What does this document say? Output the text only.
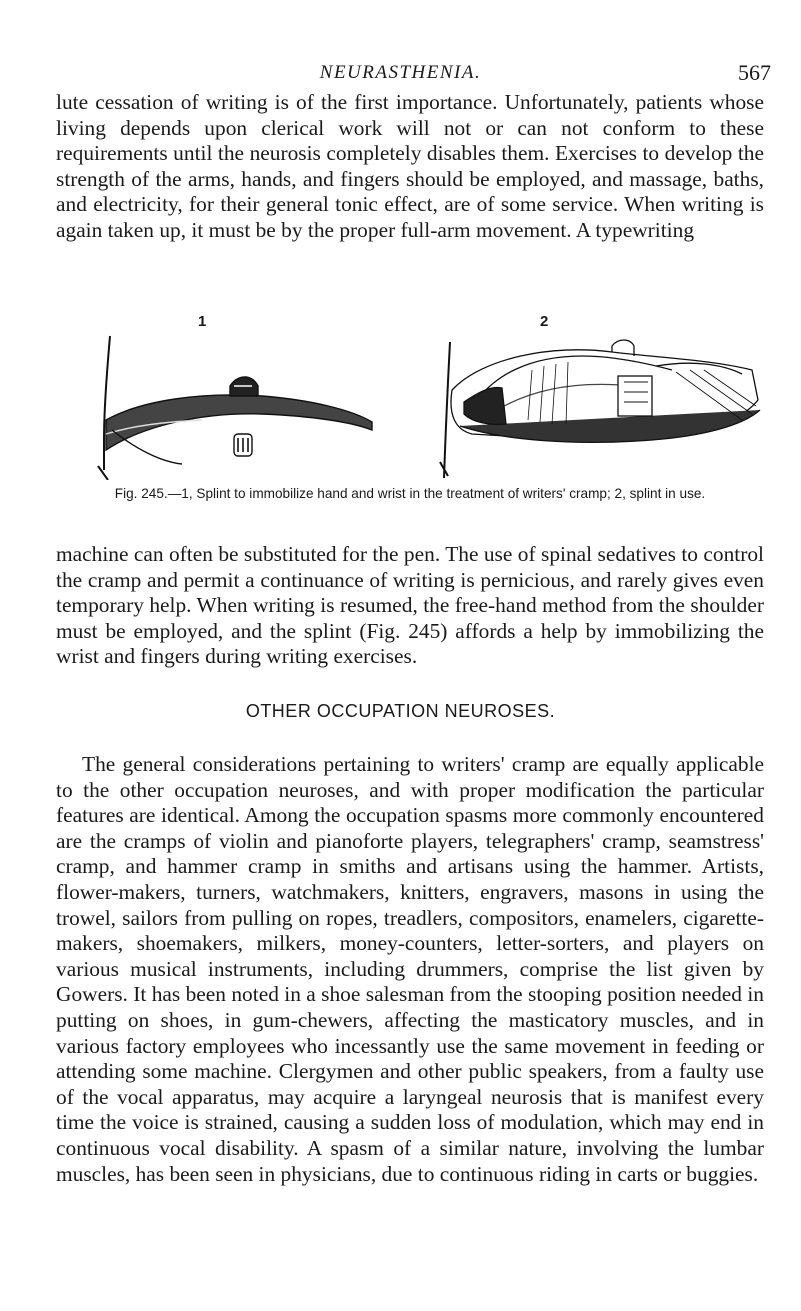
NEURASTHENIA.	567

lute cessation of writing is of the first importance. Unfortunately, patients whose living depends upon clerical work will not or can not conform to these requirements until the neurosis completely disables them. Exercises to develop the strength of the arms, hands, and fingers should be employed, and massage, baths, and electricity, for their general tonic effect, are of some service. When writing is again taken up, it must be by the proper full-arm movement. A typewriting

1	2
Fig. 245.—1, Splint to immobilize hand and wrist in the treatment of writers' cramp; 2, splint in use.

machine can often be substituted for the pen. The use of spinal sedatives to control the cramp and permit a continuance of writing is pernicious, and rarely gives even temporary help. When writing is resumed, the free-hand method from the shoulder must be employed, and the splint (Fig. 245) affords a help by immobilizing the wrist and fingers during writing exercises.

OTHER OCCUPATION NEUROSES.

The general considerations pertaining to writers' cramp are equally applicable to the other occupation neuroses, and with proper modification the particular features are identical. Among the occupation spasms more commonly encountered are the cramps of violin and pianoforte players, telegraphers' cramp, seamstress' cramp, and hammer cramp in smiths and artisans using the hammer. Artists, flower-makers, turners, watchmakers, knitters, engravers, masons in using the trowel, sailors from pulling on ropes, treadlers, compositors, enamelers, cigarette-makers, shoemakers, milkers, money-counters, letter-sorters, and players on various musical instruments, including drummers, comprise the list given by Gowers. It has been noted in a shoe salesman from the stooping position needed in putting on shoes, in gum-chewers, affecting the masticatory muscles, and in various factory employees who incessantly use the same movement in feeding or attending some machine. Clergymen and other public speakers, from a faulty use of the vocal apparatus, may acquire a laryngeal neurosis that is manifest every time the voice is strained, causing a sudden loss of modulation, which may end in continuous vocal disability. A spasm of a similar nature, involving the lumbar muscles, has been seen in physicians, due to continuous riding in carts or buggies.
